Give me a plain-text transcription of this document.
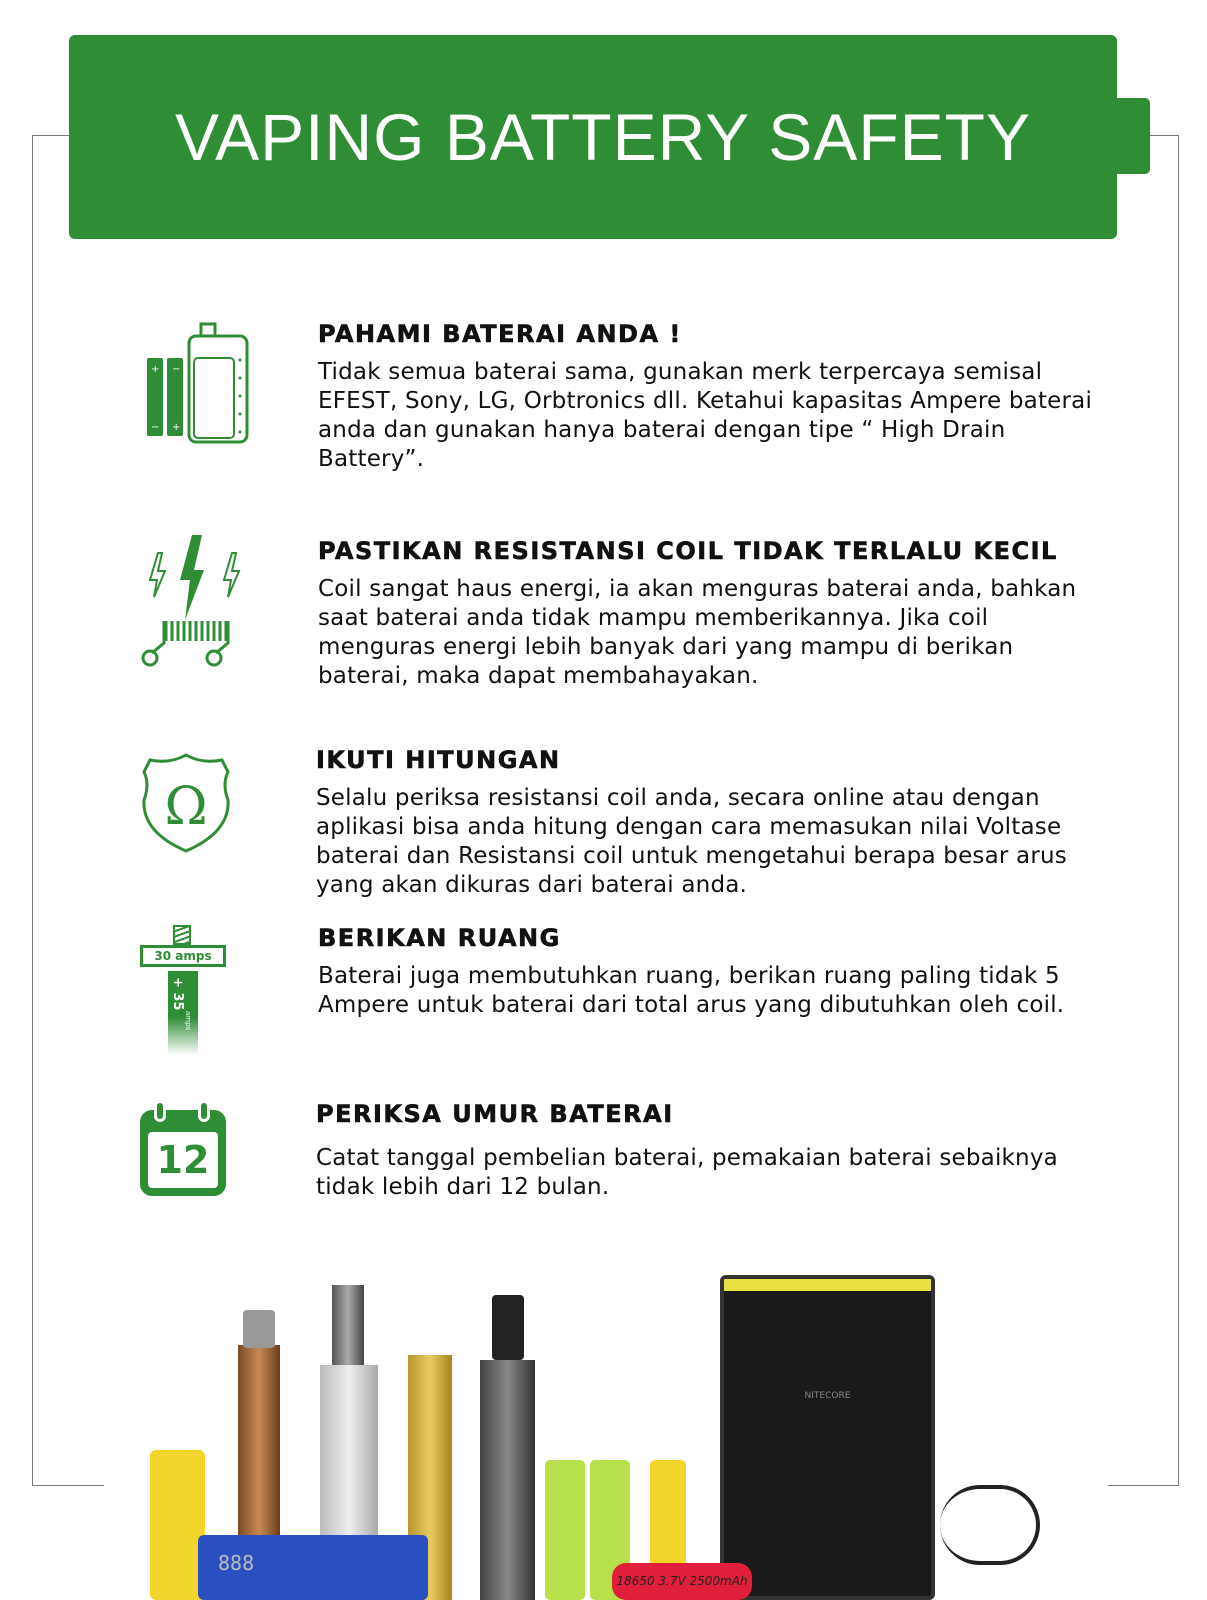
VAPING BATTERY SAFETY
+ −
− +
Ω
30 amps
+ 35
amps
12
PAHAMI BATERAI ANDA !

Tidak semua baterai sama, gunakan merk terpercaya semisal EFEST, Sony, LG, Orbtronics dll. Ketahui kapasitas Ampere baterai anda dan gunakan hanya baterai dengan tipe “ High Drain Battery”.

PASTIKAN RESISTANSI COIL TIDAK TERLALU KECIL

Coil sangat haus energi, ia akan menguras baterai anda, bahkan saat baterai anda tidak mampu memberikannya. Jika coil menguras energi lebih banyak dari yang mampu di berikan baterai, maka dapat membahayakan.

IKUTI HITUNGAN

Selalu periksa resistansi coil anda, secara online atau dengan aplikasi bisa anda hitung dengan cara memasukan nilai Voltase baterai dan Resistansi coil untuk mengetahui berapa besar arus yang akan dikuras dari baterai anda.

BERIKAN RUANG

Baterai juga membutuhkan ruang, berikan ruang paling tidak 5 Ampere untuk baterai dari total arus yang dibutuhkan oleh coil.

PERIKSA UMUR BATERAI

Catat tanggal pembelian baterai, pemakaian baterai sebaiknya tidak lebih dari 12 bulan.

888
NITECORE
18650 3.7V 2500mAh
